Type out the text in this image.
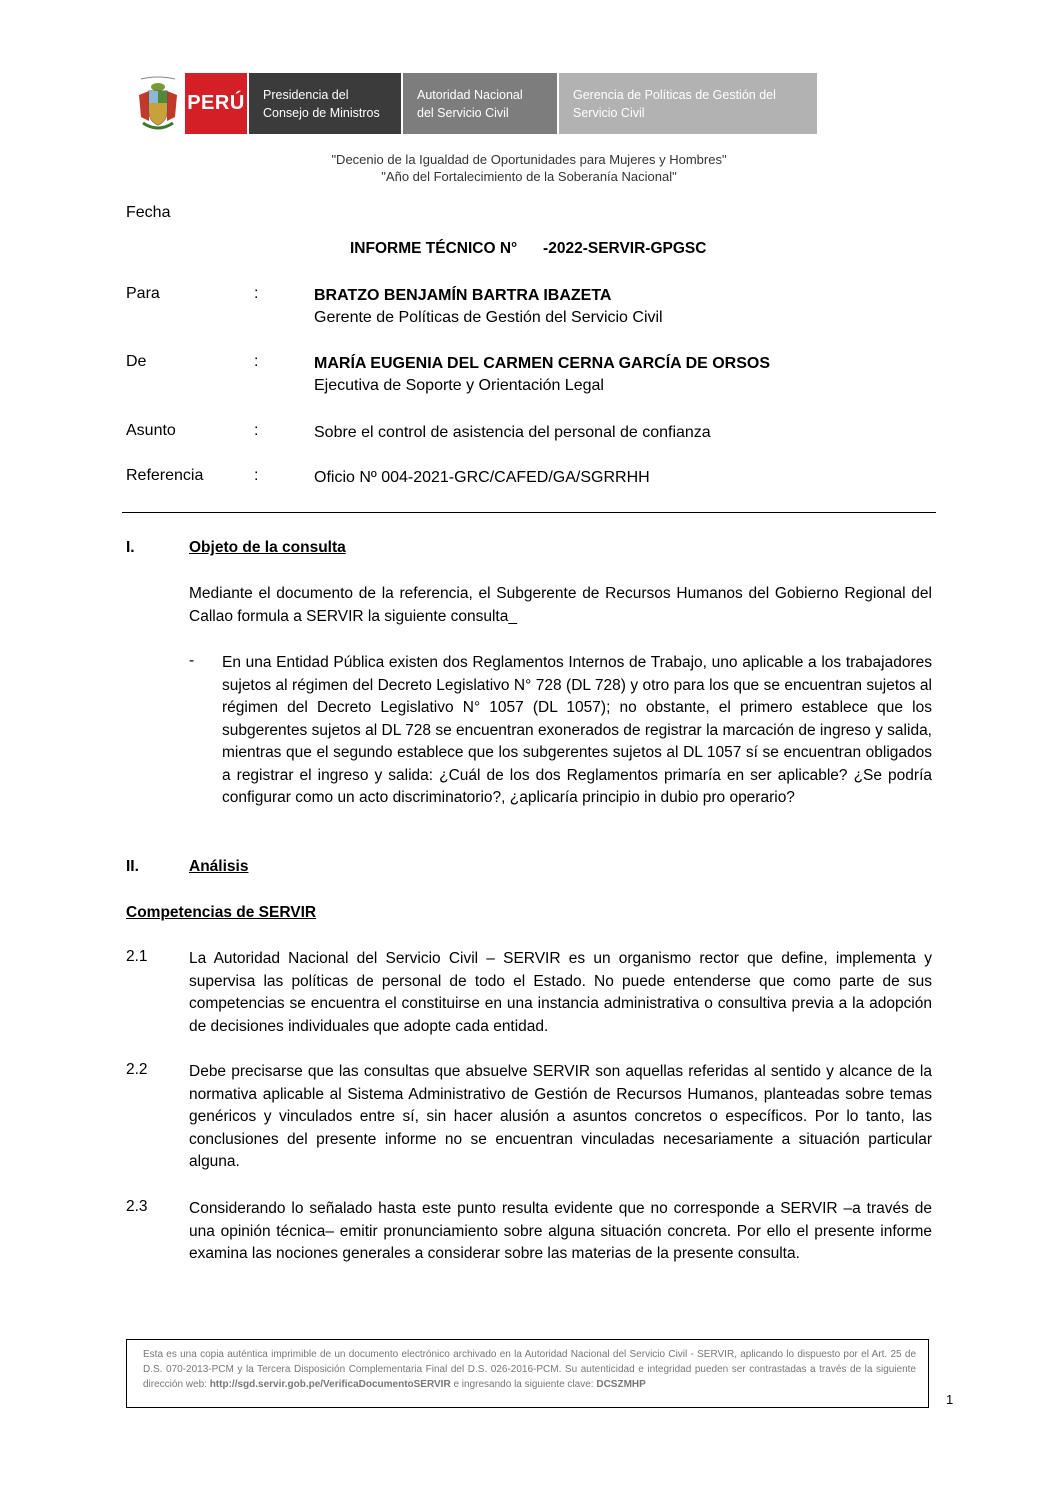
PERÚ Presidencia del
Consejo de Ministros
Autoridad Nacional
del Servicio Civil
Gerencia de Políticas de Gestión del
Servicio Civil
"Decenio de la Igualdad de Oportunidades para Mujeres y Hombres"
"Año del Fortalecimiento de la Soberanía Nacional"
Fecha
INFORME TÉCNICO N°      -2022-SERVIR-GPGSC
Para	:	BRATZO BENJAMÍN BARTRA IBAZETA
Gerente de Políticas de Gestión del Servicio Civil
De	:	MARÍA EUGENIA DEL CARMEN CERNA GARCÍA DE ORSOS
Ejecutiva de Soporte y Orientación Legal
Asunto	:	Sobre el control de asistencia del personal de confianza
Referencia	:	Oficio Nº 004-2021-GRC/CAFED/GA/SGRRHH
I.	Objeto de la consulta
Mediante el documento de la referencia, el Subgerente de Recursos Humanos del Gobierno Regional del Callao formula a SERVIR la siguiente consulta_
- En una Entidad Pública existen dos Reglamentos Internos de Trabajo, uno aplicable a los trabajadores sujetos al régimen del Decreto Legislativo N° 728 (DL 728) y otro para los que se encuentran sujetos al régimen del Decreto Legislativo N° 1057 (DL 1057); no obstante, el primero establece que los subgerentes sujetos al DL 728 se encuentran exonerados de registrar la marcación de ingreso y salida, mientras que el segundo establece que los subgerentes sujetos al DL 1057 sí se encuentran obligados a registrar el ingreso y salida: ¿Cuál de los dos Reglamentos primaría en ser aplicable? ¿Se podría configurar como un acto discriminatorio?, ¿aplicaría principio in dubio pro operario?
II.	Análisis
Competencias de SERVIR
2.1	La Autoridad Nacional del Servicio Civil – SERVIR es un organismo rector que define, implementa y supervisa las políticas de personal de todo el Estado. No puede entenderse que como parte de sus competencias se encuentra el constituirse en una instancia administrativa o consultiva previa a la adopción de decisiones individuales que adopte cada entidad.
2.2	Debe precisarse que las consultas que absuelve SERVIR son aquellas referidas al sentido y alcance de la normativa aplicable al Sistema Administrativo de Gestión de Recursos Humanos, planteadas sobre temas genéricos y vinculados entre sí, sin hacer alusión a asuntos concretos o específicos. Por lo tanto, las conclusiones del presente informe no se encuentran vinculadas necesariamente a situación particular alguna.
2.3	Considerando lo señalado hasta este punto resulta evidente que no corresponde a SERVIR –a través de una opinión técnica– emitir pronunciamiento sobre alguna situación concreta. Por ello el presente informe examina las nociones generales a considerar sobre las materias de la presente consulta.
Esta es una copia auténtica imprimible de un documento electrónico archivado en la Autoridad Nacional del Servicio Civil - SERVIR, aplicando lo dispuesto por el Art. 25 de D.S. 070-2013-PCM y la Tercera Disposición Complementaria Final del D.S. 026-2016-PCM. Su autenticidad e integridad pueden ser contrastadas a través de la siguiente dirección web: http://sgd.servir.gob.pe/VerificaDocumentoSERVIR e ingresando la siguiente clave: DCSZMHP
1
